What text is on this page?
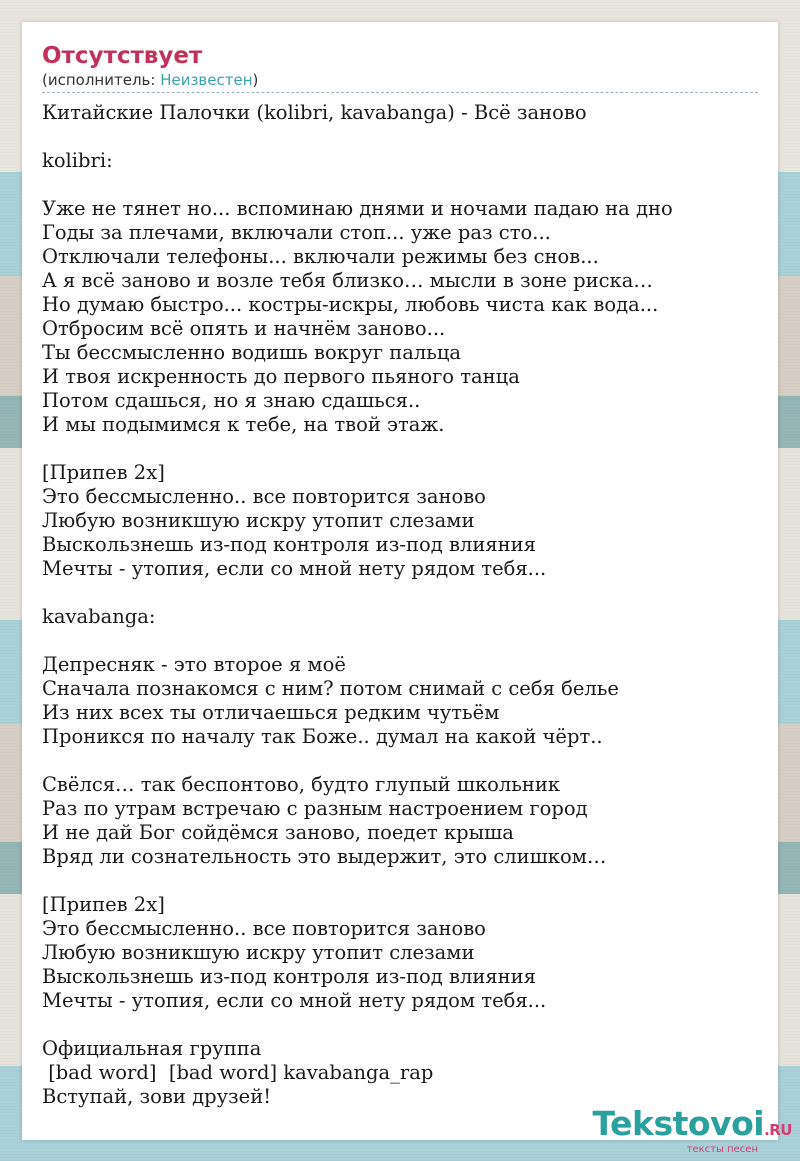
Отсутствует
(исполнитель: Неизвестен)
Китайские Палочки (kolibri, kavabanga) - Всё заново

kolibri:

Уже не тянет но... вспоминаю днями и ночами падаю на дно
Годы за плечами, включали стоп... уже раз сто...
Отключали телефоны... включали режимы без снов...
А я всё заново и возле тебя близко… мысли в зоне риска…
Но думаю быстро... костры-искры, любовь чиста как вода...
Отбросим всё опять и начнём заново...
Ты бессмысленно водишь вокруг пальца
И твоя искренность до первого пьяного танца
Потом сдашься, но я знаю сдашься..
И мы подымимся к тебе, на твой этаж.

[Припев 2x]
Это бессмысленно.. все повторится заново
Любую возникшую искру утопит слезами
Выскользнешь из-под контроля из-под влияния
Мечты - утопия, если со мной нету рядом тебя...

kavabanga:

Депресняк - это второе я моё
Сначала познакомся с ним? потом снимай с себя белье
Из них всех ты отличаешься редким чутьём
Проникся по началу так Боже.. думал на какой чёрт..

Свёлся… так беспонтово, будто глупый школьник
Раз по утрам встречаю с разным настроением город
И не дай Бог сойдёмся заново, поедет крыша
Вряд ли сознательность это выдержит, это слишком…

[Припев 2x]
Это бессмысленно.. все повторится заново
Любую возникшую искру утопит слезами
Выскользнешь из-под контроля из-под влияния
Мечты - утопия, если со мной нету рядом тебя...

Официальная группа
[bad word]  [bad word] kavabanga_rap
Вступай, зови друзей!
Tekstovoi.RU
тексты песен
